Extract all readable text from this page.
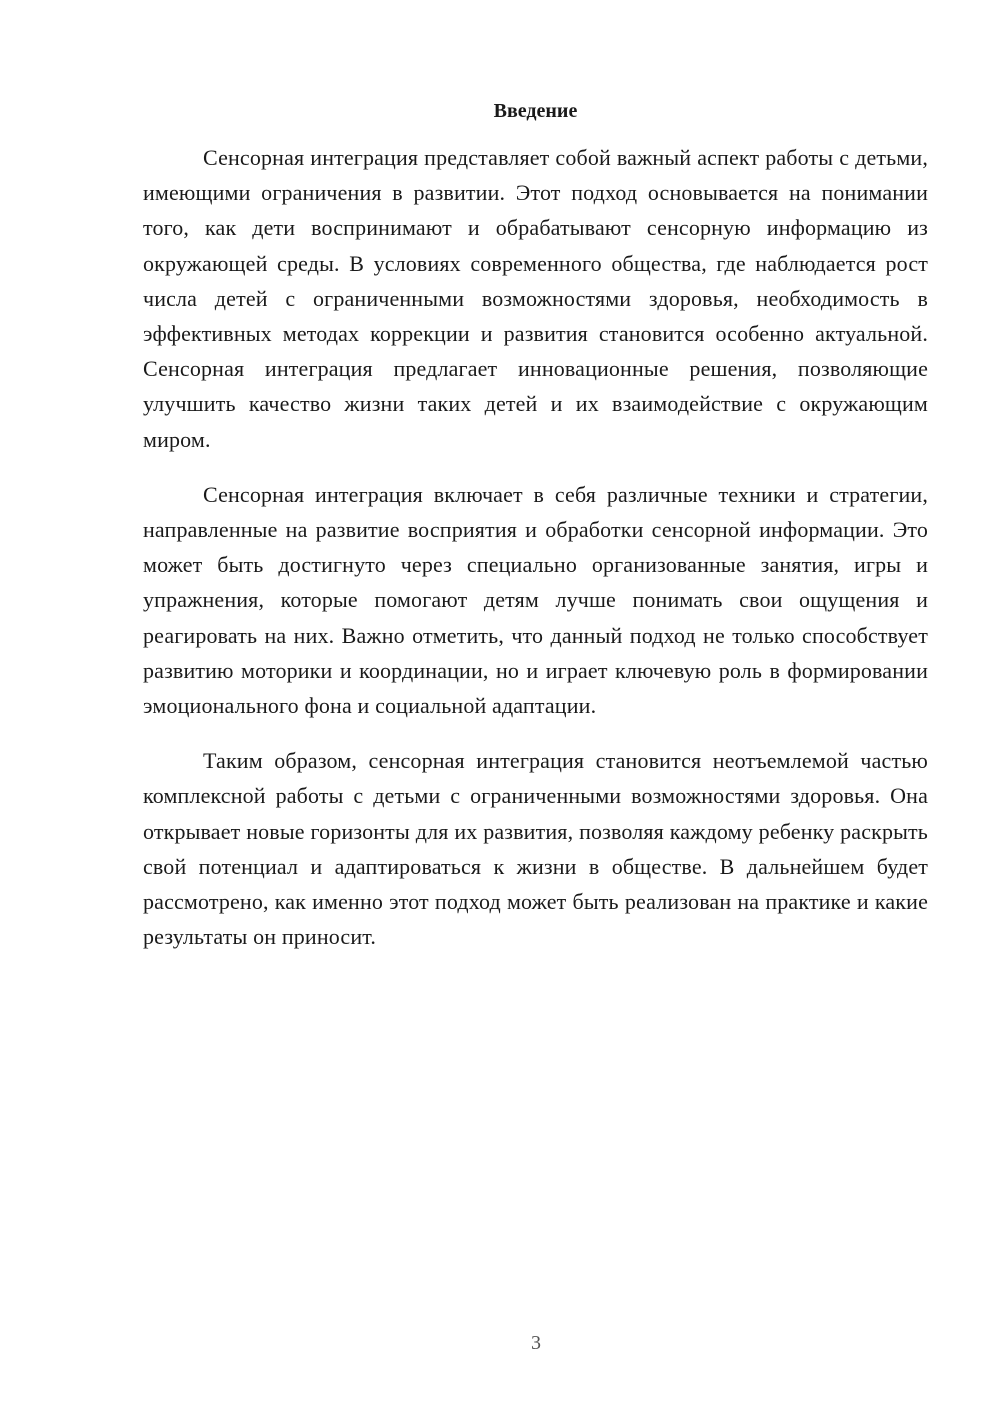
Введение

Сенсорная интеграция представляет собой важный аспект работы с детьми, имеющими ограничения в развитии. Этот подход основывается на понимании того, как дети воспринимают и обрабатывают сенсорную информацию из окружающей среды. В условиях современного общества, где наблюдается рост числа детей с ограниченными возможностями здоровья, необходимость в эффективных методах коррекции и развития становится особенно актуальной. Сенсорная интеграция предлагает инновационные решения, позволяющие улучшить качество жизни таких детей и их взаимодействие с окружающим миром.

Сенсорная интеграция включает в себя различные техники и стратегии, направленные на развитие восприятия и обработки сенсорной информации. Это может быть достигнуто через специально организованные занятия, игры и упражнения, которые помогают детям лучше понимать свои ощущения и реагировать на них. Важно отметить, что данный подход не только способствует развитию моторики и координации, но и играет ключевую роль в формировании эмоционального фона и социальной адаптации.

Таким образом, сенсорная интеграция становится неотъемлемой частью комплексной работы с детьми с ограниченными возможностями здоровья. Она открывает новые горизонты для их развития, позволяя каждому ребенку раскрыть свой потенциал и адаптироваться к жизни в обществе. В дальнейшем будет рассмотрено, как именно этот подход может быть реализован на практике и какие результаты он приносит.

3
